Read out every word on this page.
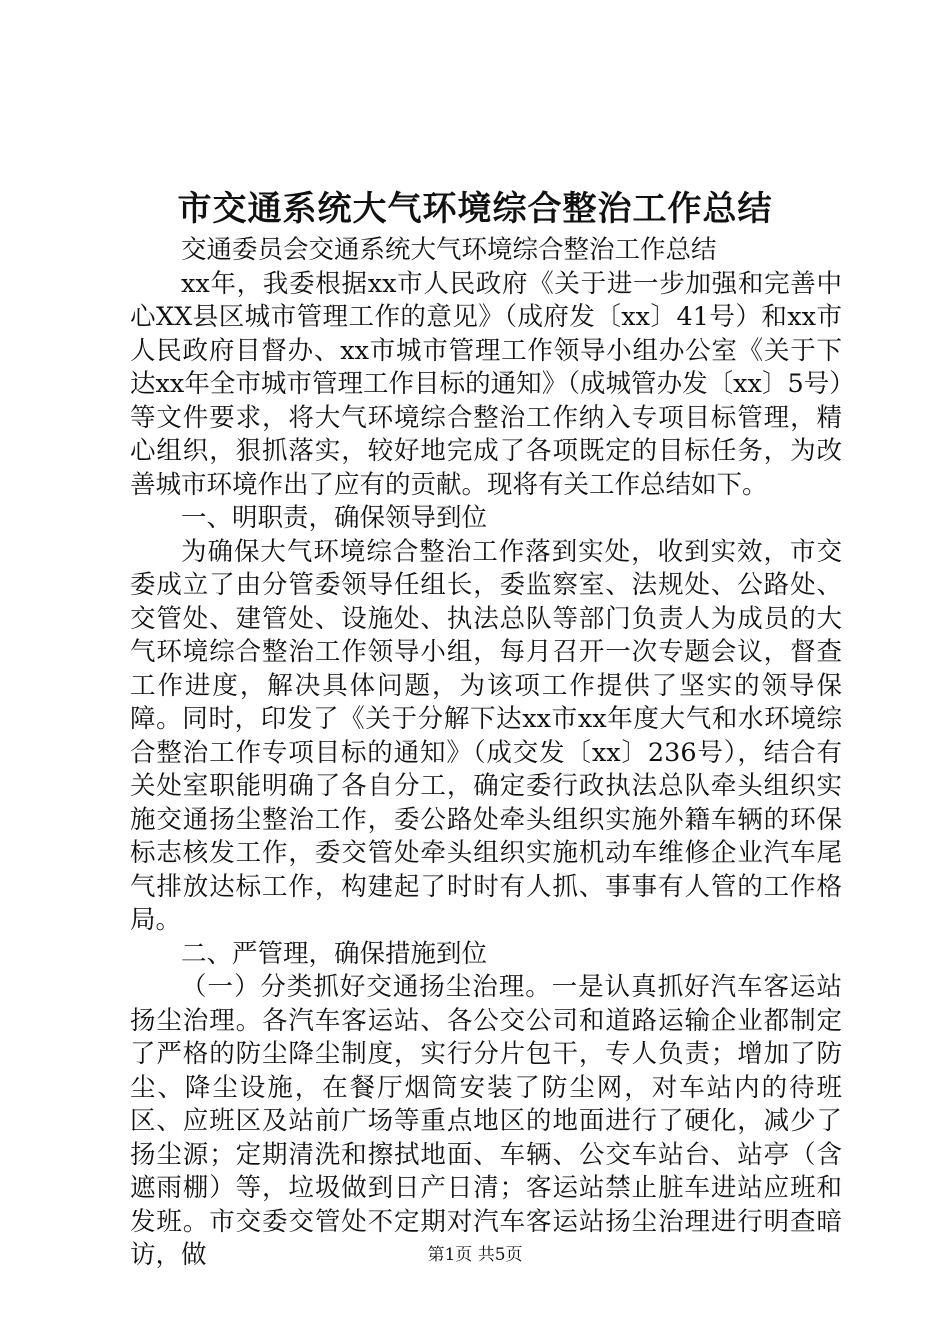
市交通系统大气环境综合整治工作总结

交通委员会交通系统大气环境综合整治工作总结

xx年，我委根据xx市人民政府《关于进一步加强和完善中心XX县区城市管理工作的意见》（成府发〔xx〕41号）和xx市人民政府目督办、xx市城市管理工作领导小组办公室《关于下达xx年全市城市管理工作目标的通知》（成城管办发〔xx〕5号）等文件要求，将大气环境综合整治工作纳入专项目标管理，精心组织，狠抓落实，较好地完成了各项既定的目标任务，为改善城市环境作出了应有的贡献。现将有关工作总结如下。

一、明职责，确保领导到位

为确保大气环境综合整治工作落到实处，收到实效，市交委成立了由分管委领导任组长，委监察室、法规处、公路处、交管处、建管处、设施处、执法总队等部门负责人为成员的大气环境综合整治工作领导小组，每月召开一次专题会议，督查工作进度，解决具体问题，为该项工作提供了坚实的领导保障。同时，印发了《关于分解下达xx市xx年度大气和水环境综合整治工作专项目标的通知》（成交发〔xx〕236号），结合有关处室职能明确了各自分工，确定委行政执法总队牵头组织实施交通扬尘整治工作，委公路处牵头组织实施外籍车辆的环保标志核发工作，委交管处牵头组织实施机动车维修企业汽车尾气排放达标工作，构建起了时时有人抓、事事有人管的工作格局。

二、严管理，确保措施到位

（一）分类抓好交通扬尘治理。一是认真抓好汽车客运站扬尘治理。各汽车客运站、各公交公司和道路运输企业都制定了严格的防尘降尘制度，实行分片包干，专人负责；增加了防尘、降尘设施，在餐厅烟筒安装了防尘网，对车站内的待班区、应班区及站前广场等重点地区的地面进行了硬化，减少了扬尘源；定期清洗和擦拭地面、车辆、公交车站台、站亭（含遮雨棚）等，垃圾做到日产日清；客运站禁止脏车进站应班和发班。市交委交管处不定期对汽车客运站扬尘治理进行明查暗访，做	第1页 共5页
